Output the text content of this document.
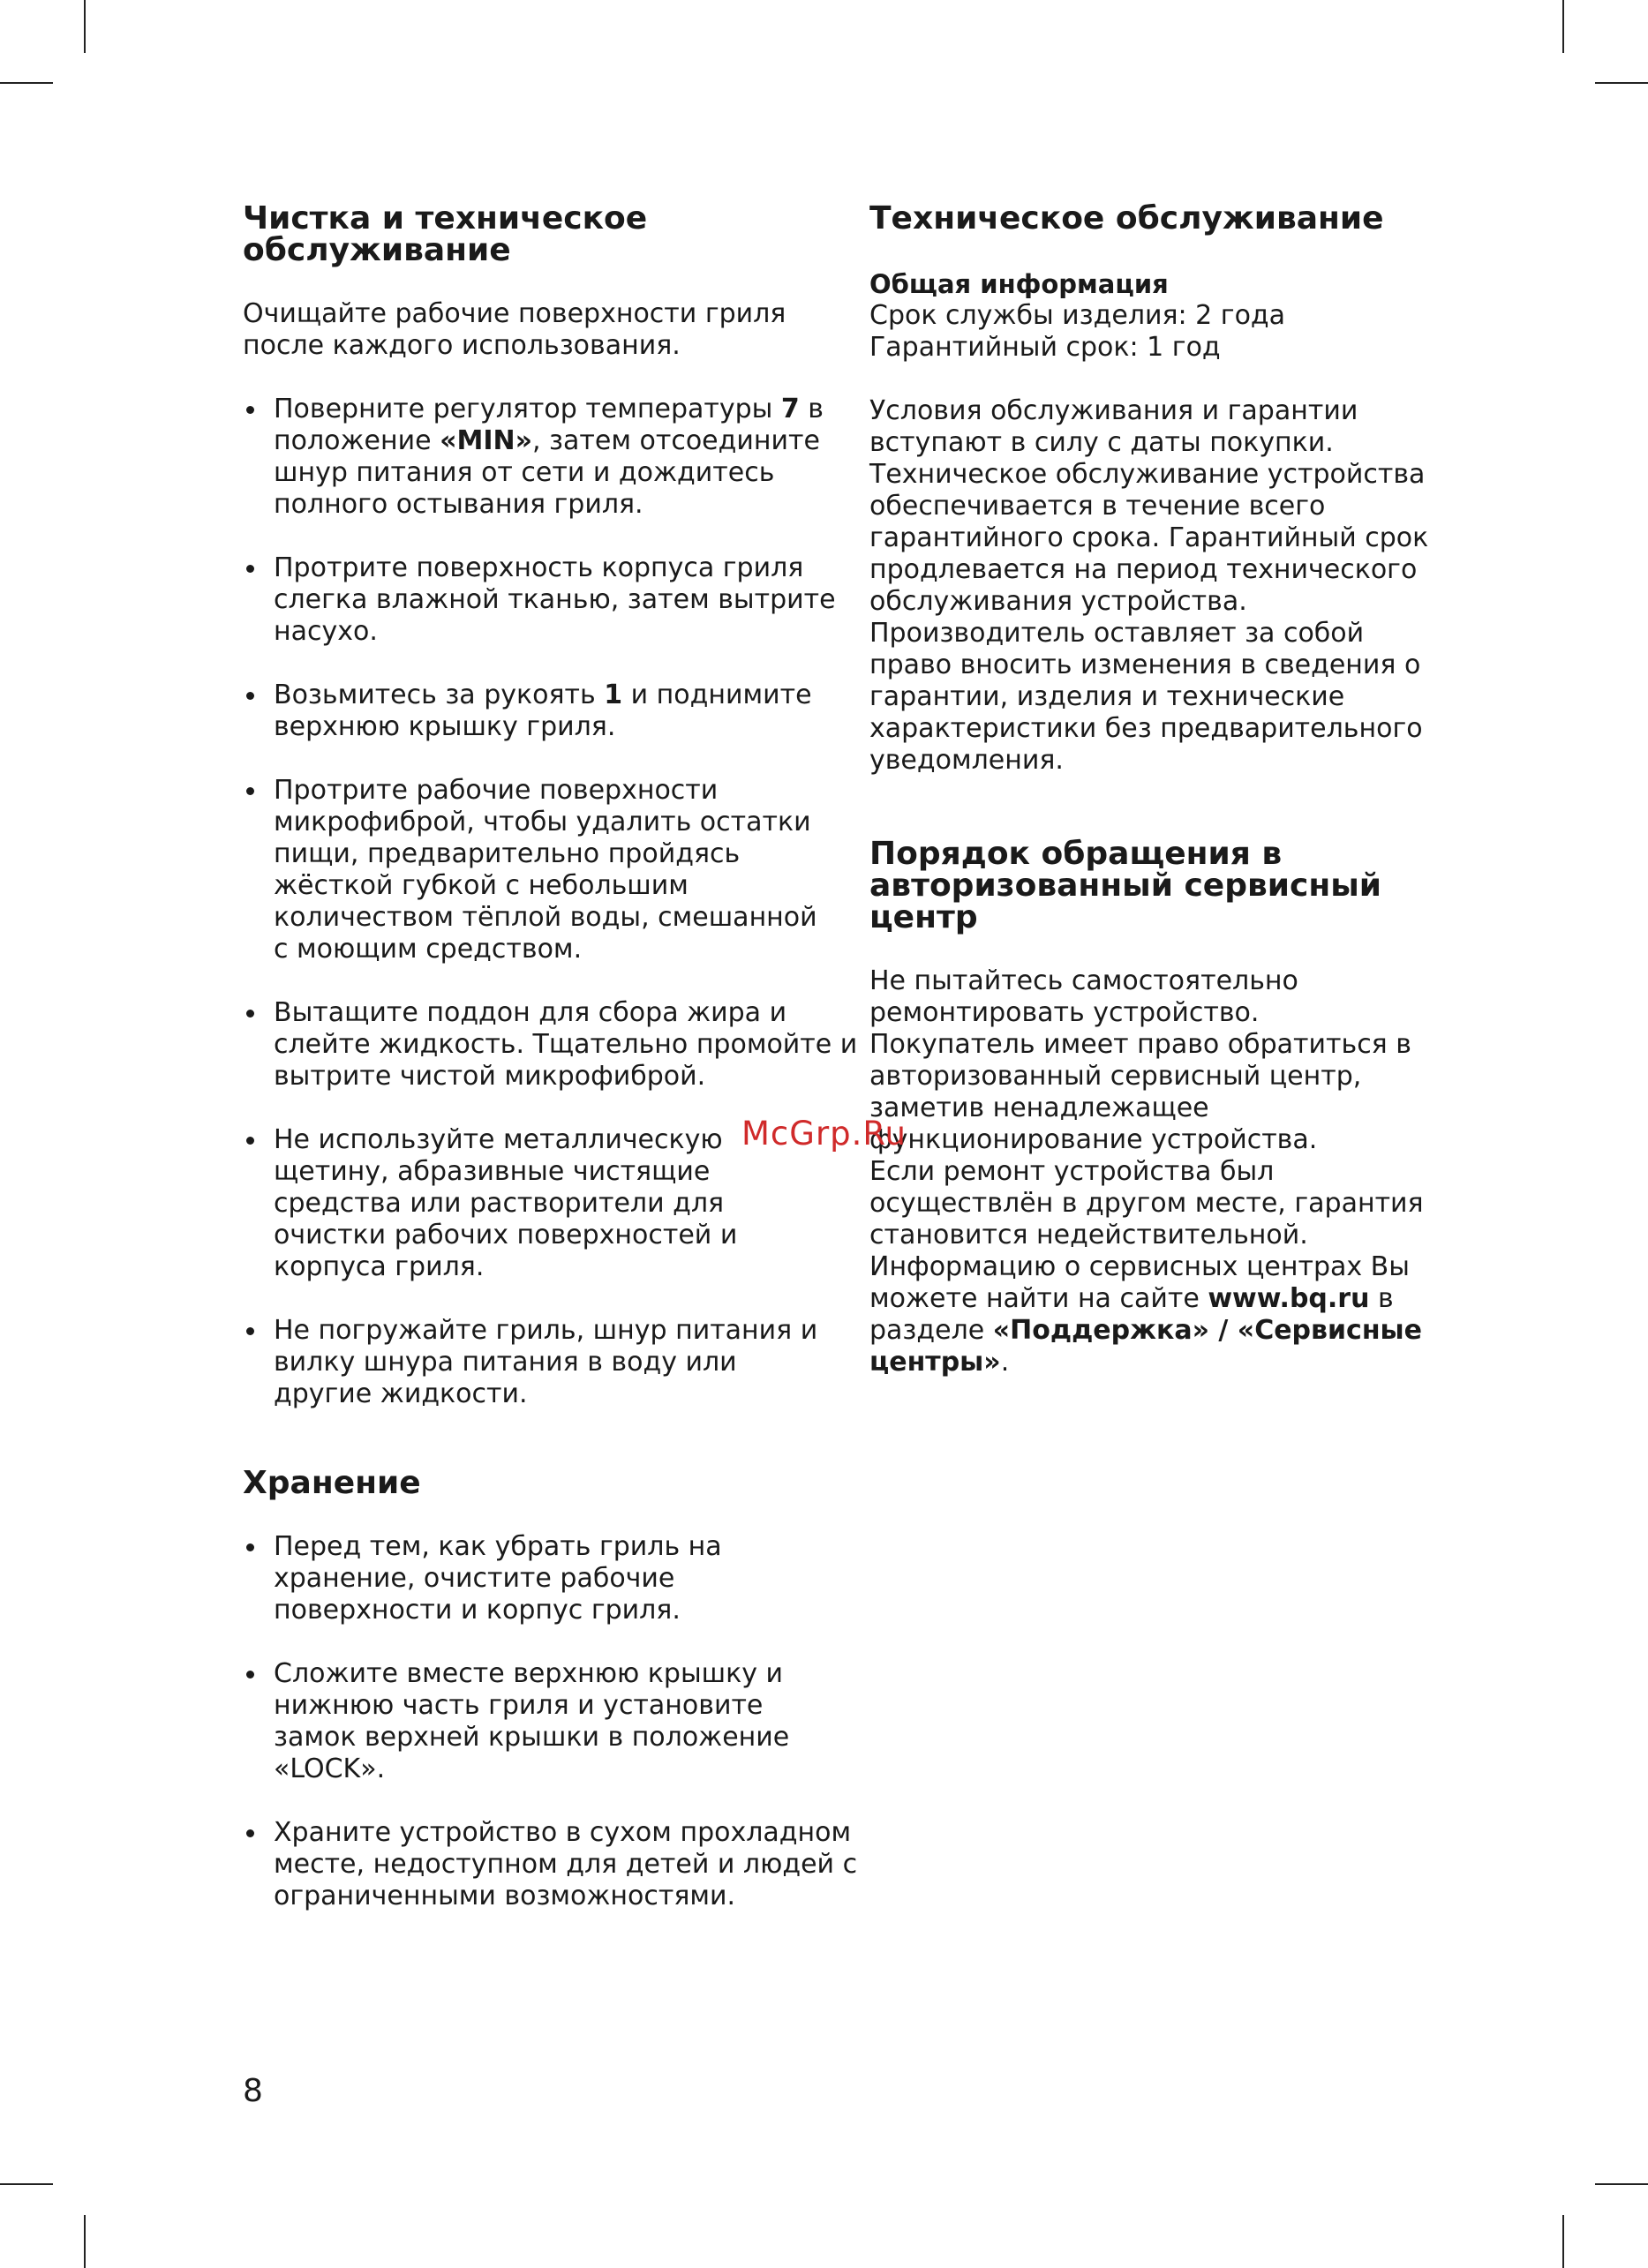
Чистка и техническое обслуживание

Очищайте рабочие поверхности гриля после каждого использования.

Поверните регулятор температуры 7 в положение «MIN», затем отсоедините шнур питания от сети и дождитесь полного остывания гриля.
Протрите поверхность корпуса гриля слегка влажной тканью, затем вытрите насухо.
Возьмитесь за рукоять 1 и поднимите верхнюю крышку гриля.
Протрите рабочие поверхности микрофиброй, чтобы удалить остатки пищи, предварительно пройдясь жёсткой губкой с небольшим количеством тёплой воды, смешанной с моющим средством.
Вытащите поддон для сбора жира и слейте жидкость. Тщательно промойте и вытрите чистой микрофиброй.
Не используйте металлическую щетину, абразивные чистящие средства или растворители для очистки рабочих поверхностей и корпуса гриля.
Не погружайте гриль, шнур питания и вилку шнура питания в воду или другие жидкости.
Хранение
Перед тем, как убрать гриль на хранение, очистите рабочие поверхности и корпус гриля.
Сложите вместе верхнюю крышку и нижнюю часть гриля и установите замок верхней крышки в положение «LOCK».
Храните устройство в сухом прохладном месте, недоступном для детей и людей с ограниченными возможностями.
Техническое обслуживание

Общая информация

Срок службы изделия: 2 года

Гарантийный срок: 1 год

Условия обслуживания и гарантии вступают в силу с даты покупки. Техническое обслуживание устройства обеспечивается в течение всего гарантийного срока. Гарантийный срок продлевается на период технического обслуживания устройства. Производитель оставляет за собой право вносить изменения в сведения о гарантии, изделия и технические характеристики без предварительного уведомления.

Порядок обращения в авторизованный сервисный центр

Не пытайтесь самостоятельно ремонтировать устройство.

Покупатель имеет право обратиться в авторизованный сервисный центр, заметив ненадлежащее функционирование устройства.

Если ремонт устройства был осуществлён в другом месте, гарантия становится недействительной.

Информацию о сервисных центрах Вы можете найти на сайте www.bq.ru в разделе «Поддержка» / «Сервисные центры».

McGrp.Ru
8
